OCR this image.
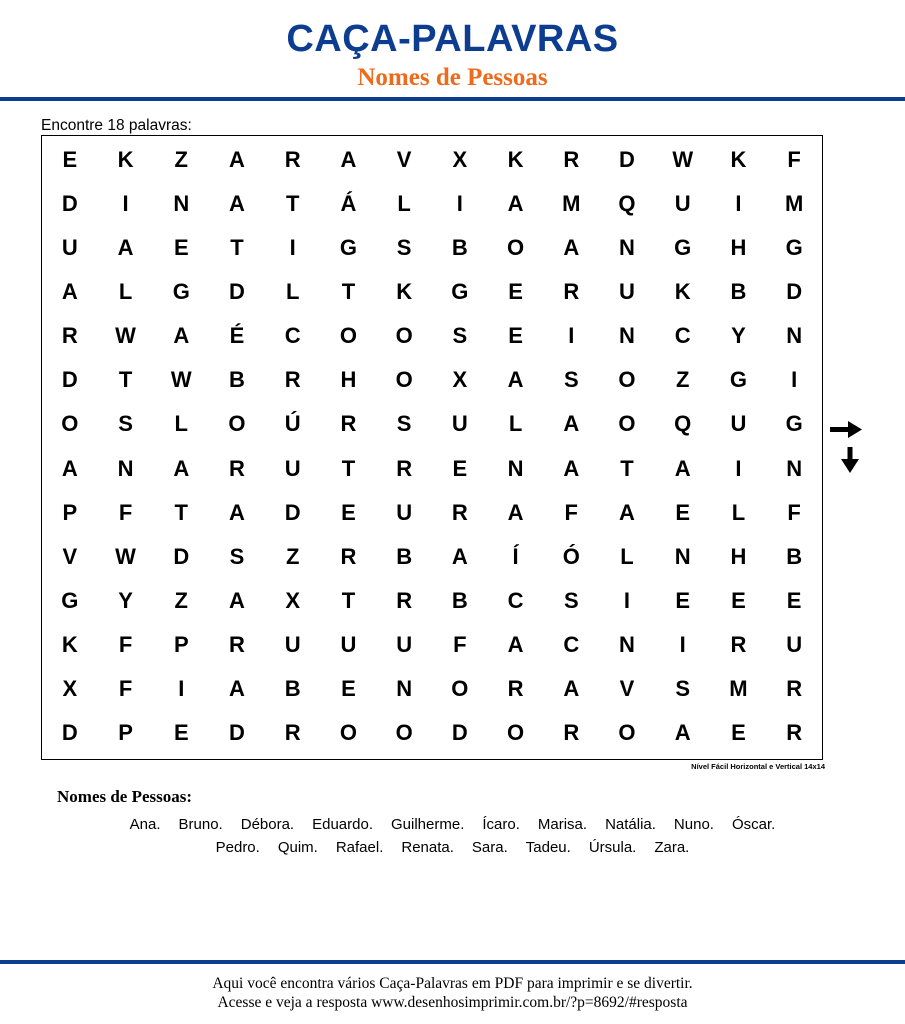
CAÇA-PALAVRAS
Nomes de Pessoas
Encontre 18 palavras:
E	K	Z	A	R	A	V	X	K	R	D	W	K	F
D	I	N	A	T	Á	L	I	A	M	Q	U	I	M
U	A	E	T	I	G	S	B	O	A	N	G	H	G
A	L	G	D	L	T	K	G	E	R	U	K	B	D
R	W	A	É	C	O	O	S	E	I	N	C	Y	N
D	T	W	B	R	H	O	X	A	S	O	Z	G	I
O	S	L	O	Ú	R	S	U	L	A	O	Q	U	G
A	N	A	R	U	T	R	E	N	A	T	A	I	N
P	F	T	A	D	E	U	R	A	F	A	E	L	F
V	W	D	S	Z	R	B	A	Í	Ó	L	N	H	B
G	Y	Z	A	X	T	R	B	C	S	I	E	E	E
K	F	P	R	U	U	U	F	A	C	N	I	R	U
X	F	I	A	B	E	N	O	R	A	V	S	M	R
D	P	E	D	R	O	O	D	O	R	O	A	E	R
Nível Fácil Horizontal e Vertical 14x14
Nomes de Pessoas:
Ana. Bruno. Débora. Eduardo. Guilherme. Ícaro. Marisa. Natália. Nuno. Óscar.
Pedro. Quim. Rafael. Renata. Sara. Tadeu. Úrsula. Zara.
Aqui você encontra vários Caça-Palavras em PDF para imprimir e se divertir.
Acesse e veja a resposta www.desenhosimprimir.com.br/?p=8692/#resposta
